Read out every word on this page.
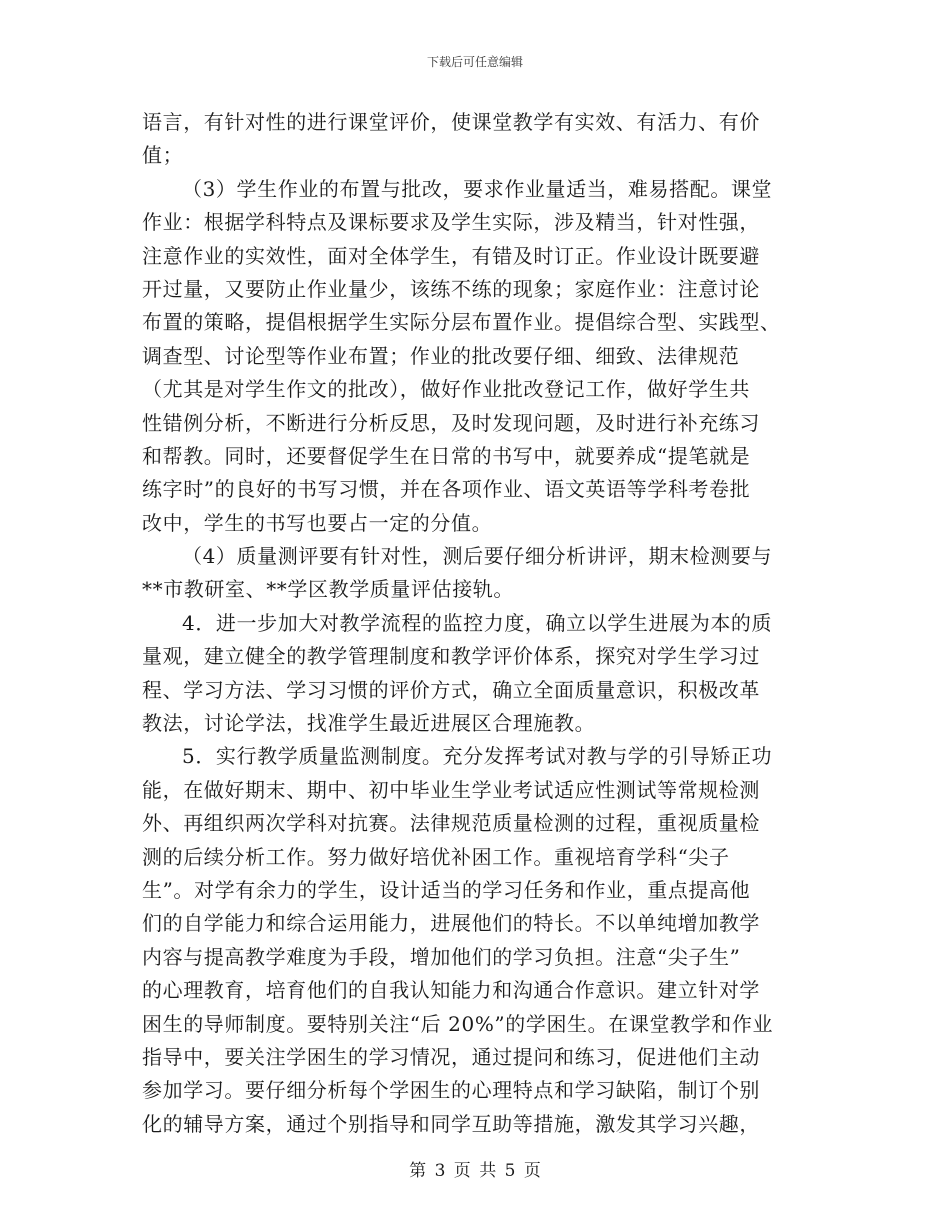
下载后可任意编辑
语言，有针对性的进行课堂评价，使课堂教学有实效、有活力、有价
值；
（3）学生作业的布置与批改，要求作业量适当，难易搭配。课堂
作业：根据学科特点及课标要求及学生实际，涉及精当，针对性强，
注意作业的实效性，面对全体学生，有错及时订正。作业设计既要避
开过量，又要防止作业量少，该练不练的现象；家庭作业：注意讨论
布置的策略，提倡根据学生实际分层布置作业。提倡综合型、实践型、
调查型、讨论型等作业布置；作业的批改要仔细、细致、法律规范
（尤其是对学生作文的批改），做好作业批改登记工作，做好学生共
性错例分析，不断进行分析反思，及时发现问题，及时进行补充练习
和帮教。同时，还要督促学生在日常的书写中，就要养成“提笔就是
练字时”的良好的书写习惯，并在各项作业、语文英语等学科考卷批
改中，学生的书写也要占一定的分值。
（4）质量测评要有针对性，测后要仔细分析讲评，期末检测要与
**市教研室、**学区教学质量评估接轨。
4．进一步加大对教学流程的监控力度，确立以学生进展为本的质
量观，建立健全的教学管理制度和教学评价体系，探究对学生学习过
程、学习方法、学习习惯的评价方式，确立全面质量意识，积极改革
教法，讨论学法，找准学生最近进展区合理施教。
5．实行教学质量监测制度。充分发挥考试对教与学的引导矫正功
能，在做好期末、期中、初中毕业生学业考试适应性测试等常规检测
外、再组织两次学科对抗赛。法律规范质量检测的过程，重视质量检
测的后续分析工作。努力做好培优补困工作。重视培育学科“尖子
生”。对学有余力的学生，设计适当的学习任务和作业，重点提高他
们的自学能力和综合运用能力，进展他们的特长。不以单纯增加教学
内容与提高教学难度为手段，增加他们的学习负担。注意“尖子生”
的心理教育，培育他们的自我认知能力和沟通合作意识。建立针对学
困生的导师制度。要特别关注“后 20%”的学困生。在课堂教学和作业
指导中，要关注学困生的学习情况，通过提问和练习，促进他们主动
参加学习。要仔细分析每个学困生的心理特点和学习缺陷，制订个别
化的辅导方案，通过个别指导和同学互助等措施，激发其学习兴趣，
第 3 页 共 5 页
